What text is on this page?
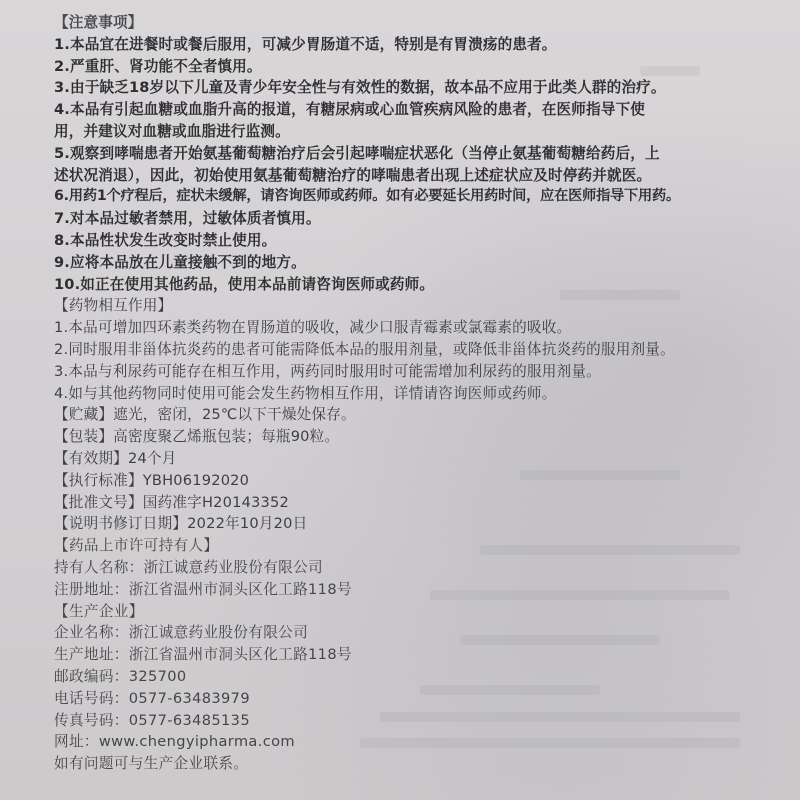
【注意事项】
1.本品宜在进餐时或餐后服用，可减少胃肠道不适，特别是有胃溃疡的患者。
2.严重肝、肾功能不全者慎用。
3.由于缺乏18岁以下儿童及青少年安全性与有效性的数据，故本品不应用于此类人群的治疗。
4.本品有引起血糖或血脂升高的报道，有糖尿病或心血管疾病风险的患者，在医师指导下使
用，并建议对血糖或血脂进行监测。
5.观察到哮喘患者开始氨基葡萄糖治疗后会引起哮喘症状恶化（当停止氨基葡萄糖给药后，上
述状况消退），因此，初始使用氨基葡萄糖治疗的哮喘患者出现上述症状应及时停药并就医。
6.用药1个疗程后，症状未缓解，请咨询医师或药师。如有必要延长用药时间，应在医师指导下用药。
7.对本品过敏者禁用，过敏体质者慎用。
8.本品性状发生改变时禁止使用。
9.应将本品放在儿童接触不到的地方。
10.如正在使用其他药品，使用本品前请咨询医师或药师。
【药物相互作用】
1.本品可增加四环素类药物在胃肠道的吸收，减少口服青霉素或氯霉素的吸收。
2.同时服用非甾体抗炎药的患者可能需降低本品的服用剂量，或降低非甾体抗炎药的服用剂量。
3.本品与利尿药可能存在相互作用，两药同时服用时可能需增加利尿药的服用剂量。
4.如与其他药物同时使用可能会发生药物相互作用，详情请咨询医师或药师。
【贮藏】遮光，密闭，25℃以下干燥处保存。
【包装】高密度聚乙烯瓶包装；每瓶90粒。
【有效期】24个月
【执行标准】YBH06192020
【批准文号】国药准字H20143352
【说明书修订日期】2022年10月20日
【药品上市许可持有人】
持有人名称：浙江诚意药业股份有限公司
注册地址：浙江省温州市洞头区化工路118号
【生产企业】
企业名称：浙江诚意药业股份有限公司
生产地址：浙江省温州市洞头区化工路118号
邮政编码：325700
电话号码：0577-63483979
传真号码：0577-63485135
网址：www.chengyipharma.com
如有问题可与生产企业联系。
